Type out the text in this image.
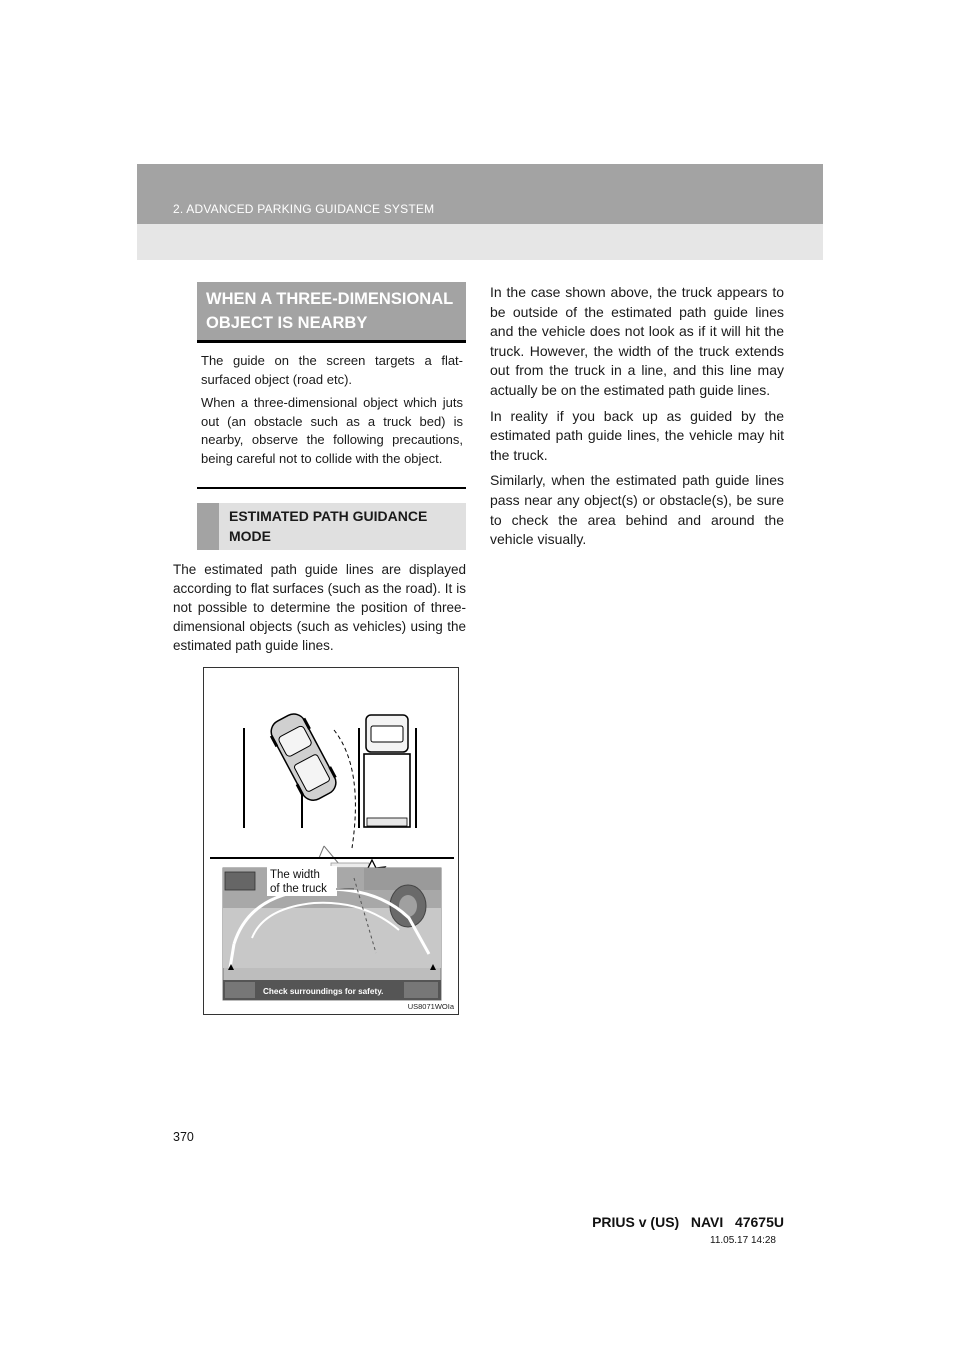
2. ADVANCED PARKING GUIDANCE SYSTEM
WHEN A THREE-DIMENSIONAL
OBJECT IS NEARBY

The guide on the screen targets a flat-surfaced object (road etc).

When a three-dimensional object which juts out (an obstacle such as a truck bed) is nearby, observe the following precautions, being careful not to collide with the object.

ESTIMATED PATH GUIDANCE MODE
The estimated path guide lines are displayed according to flat surfaces (such as the road). It is not possible to determine the position of three-dimensional objects (such as vehicles) using the estimated path guide lines.

In the case shown above, the truck appears to be outside of the estimated path guide lines and the vehicle does not look as if it will hit the truck. However, the width of the truck extends out from the truck in a line, and this line may actually be on the estimated path guide lines.

In reality if you back up as guided by the estimated path guide lines, the vehicle may hit the truck.

Similarly, when the estimated path guide lines pass near any object(s) or obstacle(s), be sure to check the area behind and around the vehicle visually.

Check surroundings for safety.
The width
of the truck
US8071WOIa
370
PRIUS v (US)   NAVI   47675U
11.05.17 14:28
